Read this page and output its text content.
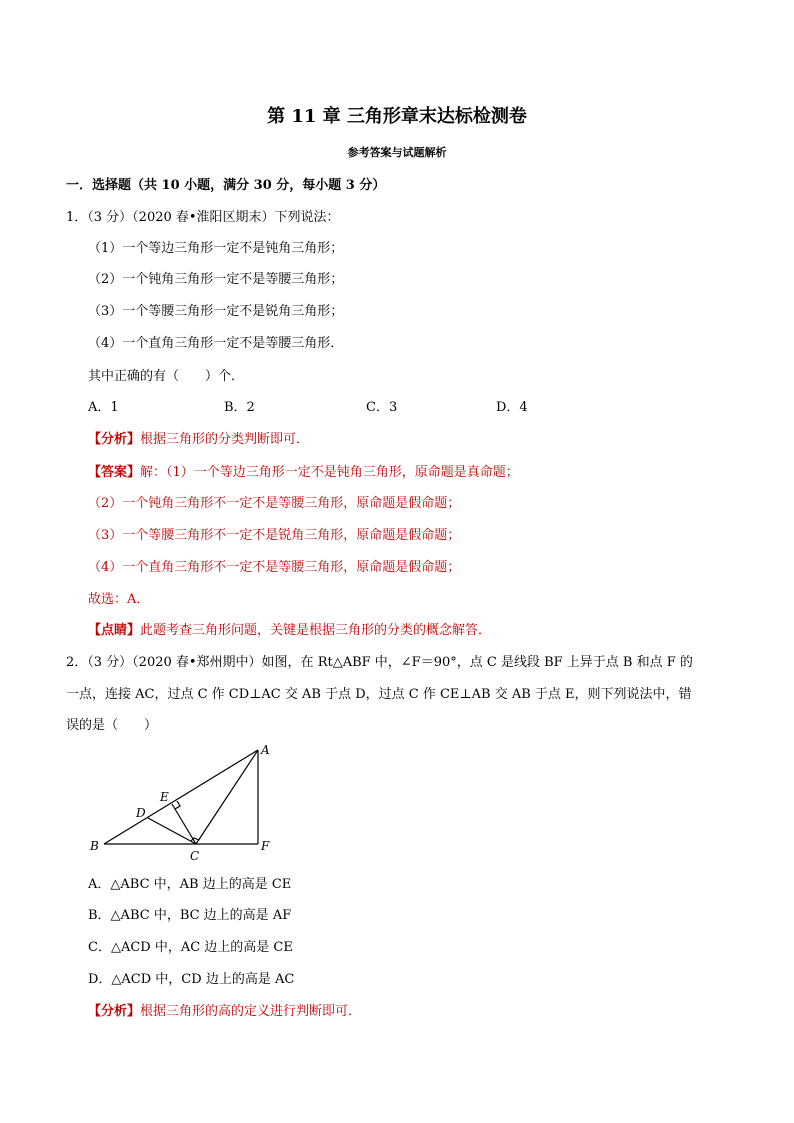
第 11 章 三角形章末达标检测卷
参考答案与试题解析
一．选择题（共 10 小题，满分 30 分，每小题 3 分）
1．（3 分）（2020 春•淮阳区期末）下列说法：
（1）一个等边三角形一定不是钝角三角形；
（2）一个钝角三角形一定不是等腰三角形；
（3）一个等腰三角形一定不是锐角三角形；
（4）一个直角三角形一定不是等腰三角形．
其中正确的有（　　）个．
A．1	B．2	C．3	D．4
【分析】根据三角形的分类判断即可．
【答案】解：（1）一个等边三角形一定不是钝角三角形，原命题是真命题；
（2）一个钝角三角形不一定不是等腰三角形，原命题是假命题；
（3）一个等腰三角形不一定不是锐角三角形，原命题是假命题；
（4）一个直角三角形不一定不是等腰三角形，原命题是假命题；
故选：A．
【点睛】此题考查三角形问题，关键是根据三角形的分类的概念解答．
2．（3 分）（2020 春•郑州期中）如图，在 Rt△ABF 中，∠F＝90°，点 C 是线段 BF 上异于点 B 和点 F 的
一点，连接 AC，过点 C 作 CD⊥AC 交 AB 于点 D，过点 C 作 CE⊥AB 交 AB 于点 E，则下列说法中，错
误的是（　　）
A
B
C
D
E
F
A．△ABC 中，AB 边上的高是 CE
B．△ABC 中，BC 边上的高是 AF
C．△ACD 中，AC 边上的高是 CE
D．△ACD 中，CD 边上的高是 AC
【分析】根据三角形的高的定义进行判断即可．
